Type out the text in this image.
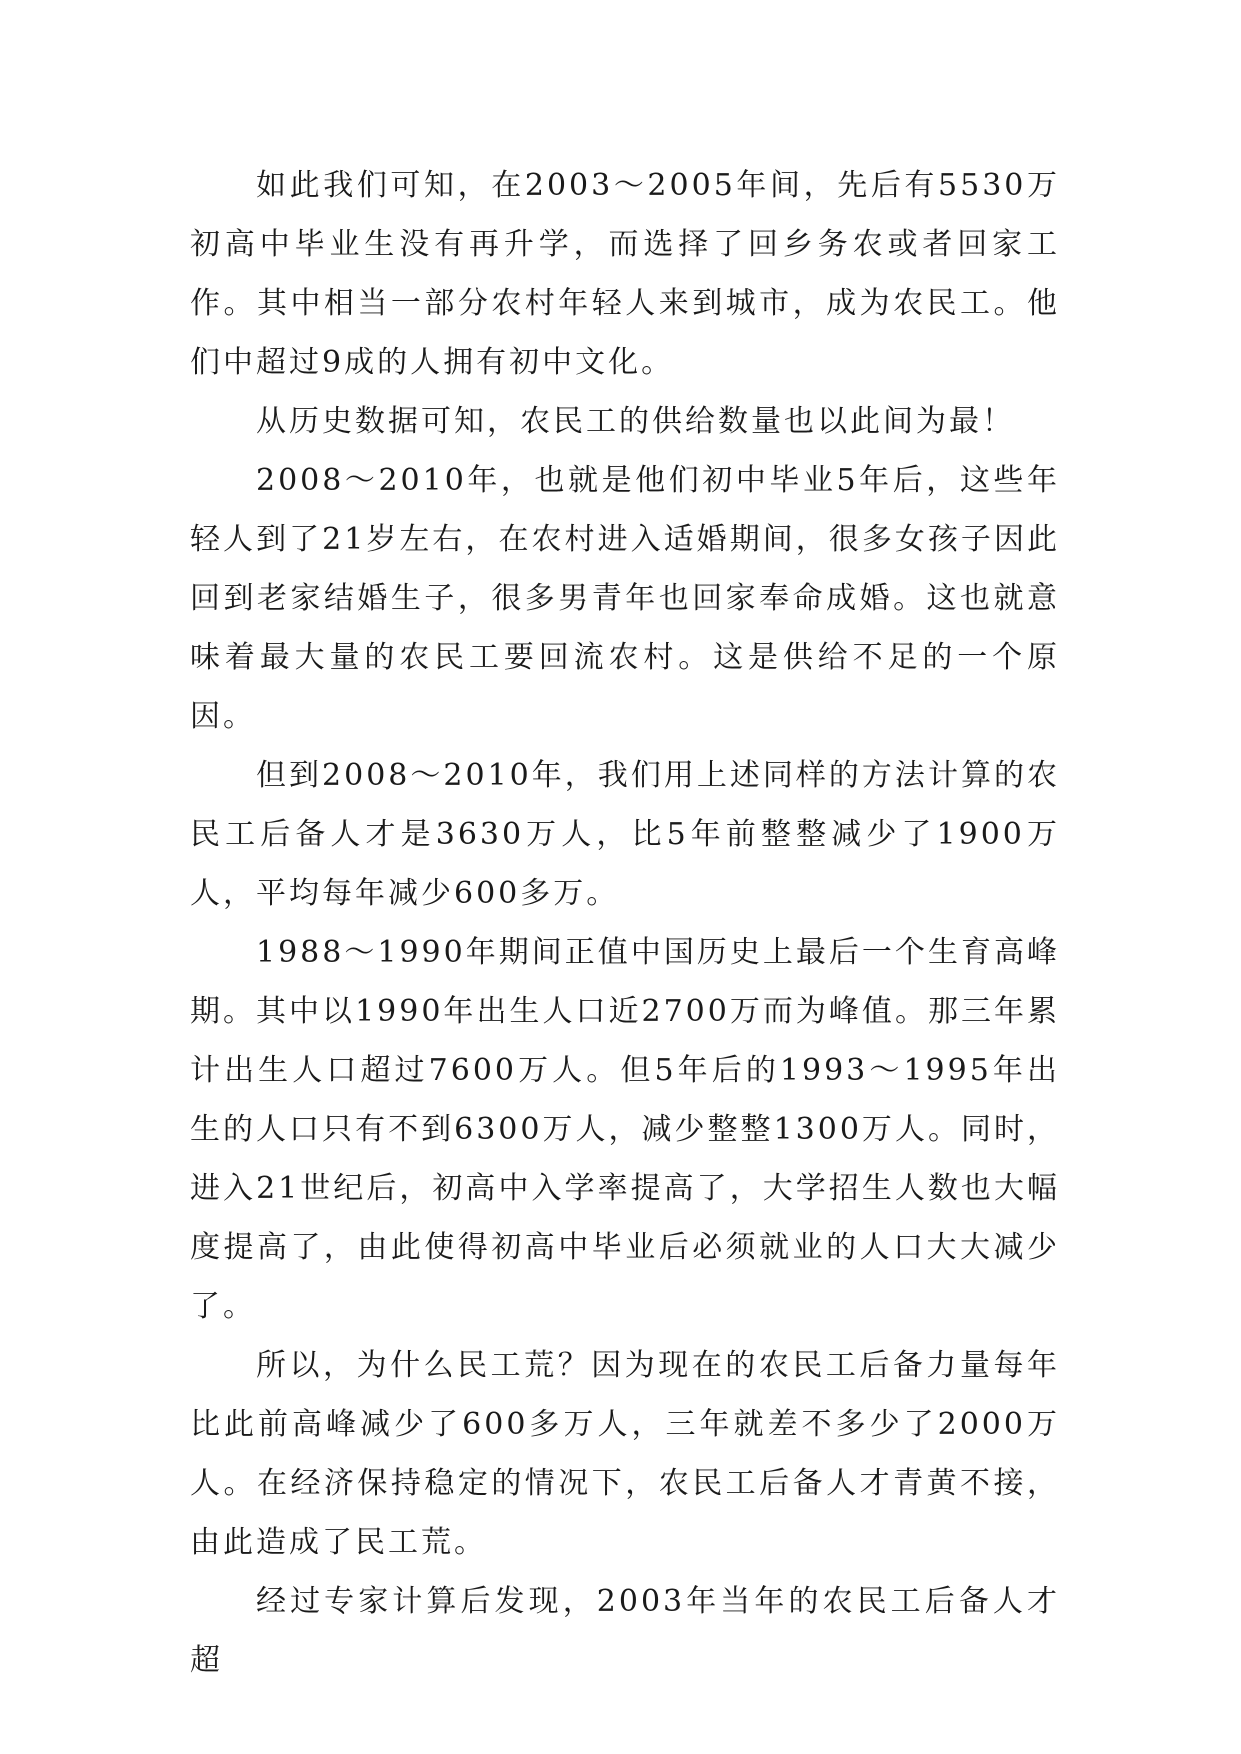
如此我们可知，在2003～2005年间，先后有5530万初高中毕业生没有再升学，而选择了回乡务农或者回家工作。其中相当一部分农村年轻人来到城市，成为农民工。他们中超过9成的人拥有初中文化。

从历史数据可知，农民工的供给数量也以此间为最！

2008～2010年，也就是他们初中毕业5年后，这些年轻人到了21岁左右，在农村进入适婚期间，很多女孩子因此回到老家结婚生子，很多男青年也回家奉命成婚。这也就意味着最大量的农民工要回流农村。这是供给不足的一个原因。

但到2008～2010年，我们用上述同样的方法计算的农民工后备人才是3630万人，比5年前整整减少了1900万人，平均每年减少600多万。

1988～1990年期间正值中国历史上最后一个生育高峰期。其中以1990年出生人口近2700万而为峰值。那三年累计出生人口超过7600万人。但5年后的1993～1995年出生的人口只有不到6300万人，减少整整1300万人。同时，进入21世纪后，初高中入学率提高了，大学招生人数也大幅度提高了，由此使得初高中毕业后必须就业的人口大大减少了。

所以，为什么民工荒？因为现在的农民工后备力量每年比此前高峰减少了600多万人，三年就差不多少了2000万人。在经济保持稳定的情况下，农民工后备人才青黄不接，由此造成了民工荒。

经过专家计算后发现，2003年当年的农民工后备人才超
